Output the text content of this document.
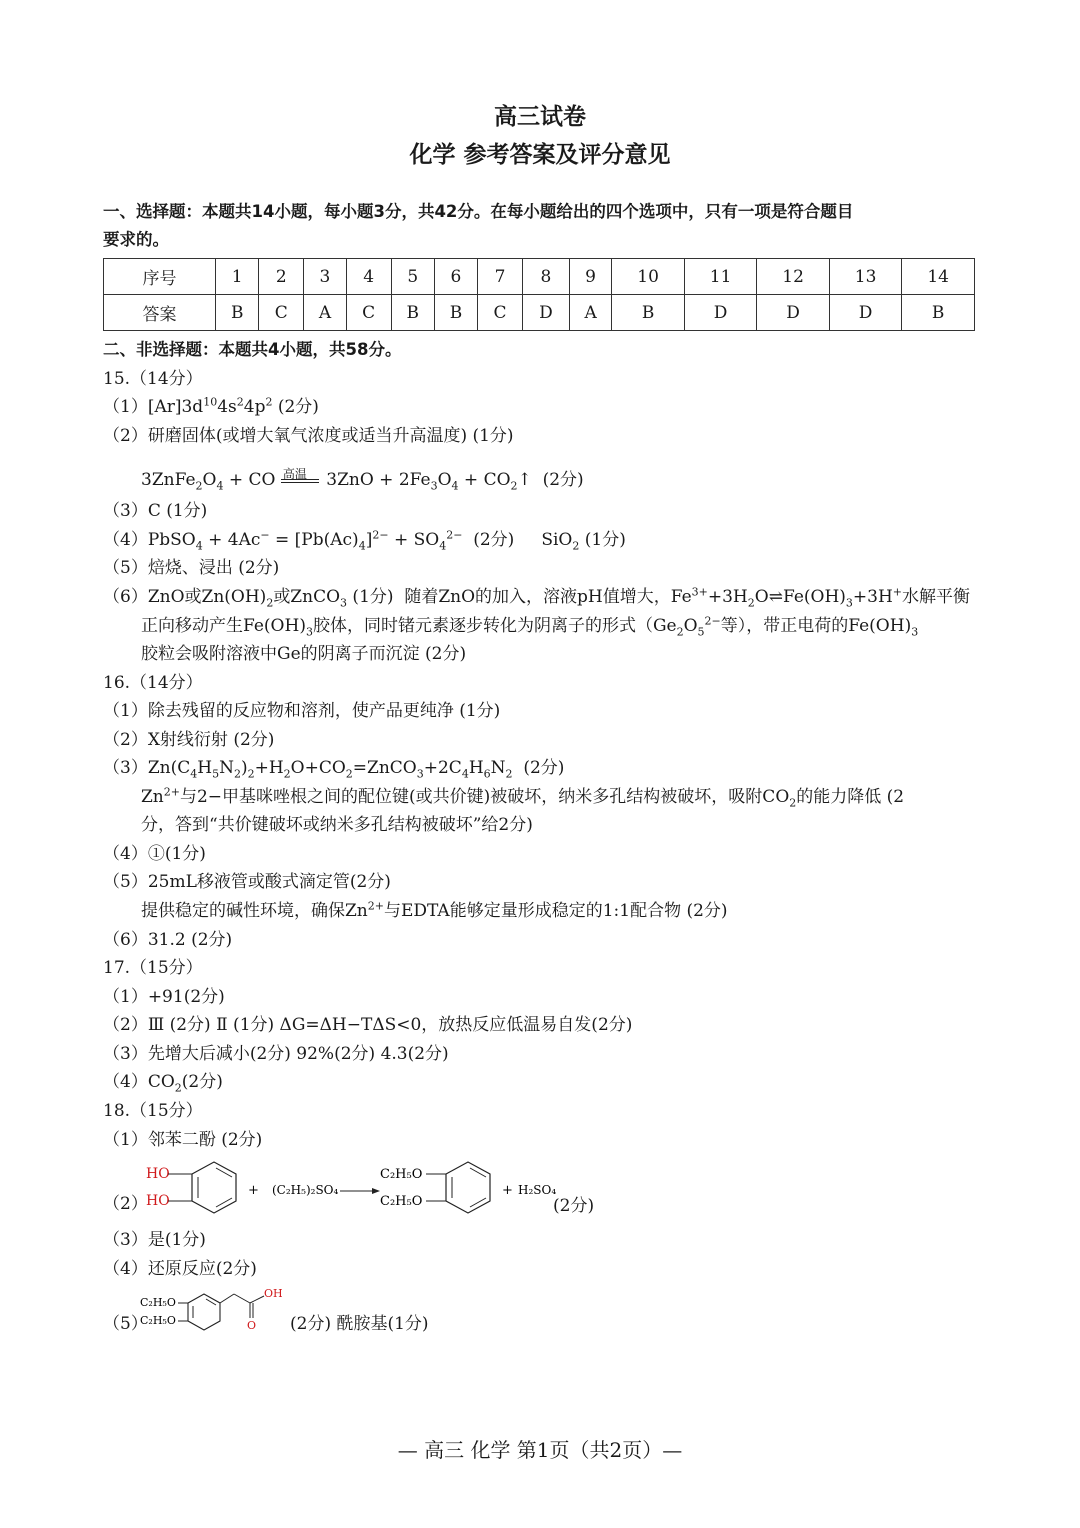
高三试卷
化学 参考答案及评分意见
一、选择题：本题共14小题，每小题3分，共42分。在每小题给出的四个选项中，只有一项是符合题目
要求的。
序号	1	2	3	4	5	6	7	8	9	10	11	12	13	14
答案	B	C	A	C	B	B	C	D	A	B	D	D	D	B
二、非选择题：本题共4小题，共58分。
15.（14分）
$(1)[Ar]3d^{10}4s^24p^2$ (2分)
（2）研磨固体(或增大氧气浓度或适当升高温度) (1分)
$3ZnFe_2O_4$ + CO 高温 $3ZnO + 2Fe_3O_4$ + $CO_2↑$  (2分)
（3）C (1分)
（4）PbSO$_4$ + $4Ac^- = [Pb(Ac)_4]^{2-} + SO_4^{2-}$ (2分)     SiO$_2$ (1分)
（5）焙烧、浸出 (2分)
（6）ZnO或$Zn(OH)_2$或ZnCO$_3$ (1分)  随着ZnO的加入，溶液pH值增大，$Fe^{3+}+3H_2O\rightleftharpoons Fe(OH)_3+3H^+$水解平衡
正向移动产生$Fe(OH)_3$胶体，同时锗元素逐步转化为阴离子的形式（$Ge_2O_5^{2-}$等），带正电荷的$Fe(OH)_3$
胶粒会吸附溶液中Ge的阴离子而沉淀 (2分)
16.（14分）
（1）除去残留的反应物和溶剂，使产品更纯净 (1分)
（2）X射线衍射 (2分)
$(3)Zn(C_4H_5N_2)_2+H_2O+CO_2=ZnCO_3+2C_4H_6N_2$ (2分)
$Zn^{2+}$与2−甲基咪唑根之间的配位键(或共价键)被破坏，纳米多孔结构被破坏，吸附$CO_2$的能力降低 (2
分，答到“共价键破坏或纳米多孔结构被破坏”给2分)
（4）①(1分)
（5）25mL移液管或酸式滴定管(2分)
提供稳定的碱性环境，确保$Zn^{2+}$与EDTA能够定量形成稳定的1:1配合物 (2分)
（6）31.2 (2分)
17.（15分）
（1）+91(2分)
（2）Ⅲ (2分) Ⅱ (1分) ΔG=ΔH−TΔS<0，放热反应低温易自发(2分)
（3）先增大后减小(2分) 92%(2分) 4.3(2分)
$(4)CO_2(2$分)
18.（15分）
（1）邻苯二酚 (2分)
（2）
HO
HO
+ (C₂H₅)₂SO₄
C₂H₅O
C₂H₅O
+ H₂SO₄
(2分)
（3）是(1分)
（4）还原反应(2分)
（5）
C₂H₅O
C₂H₅O
OH
O (2分) 酰胺基(1分)
— 高三 化学 第1页（共2页）—
